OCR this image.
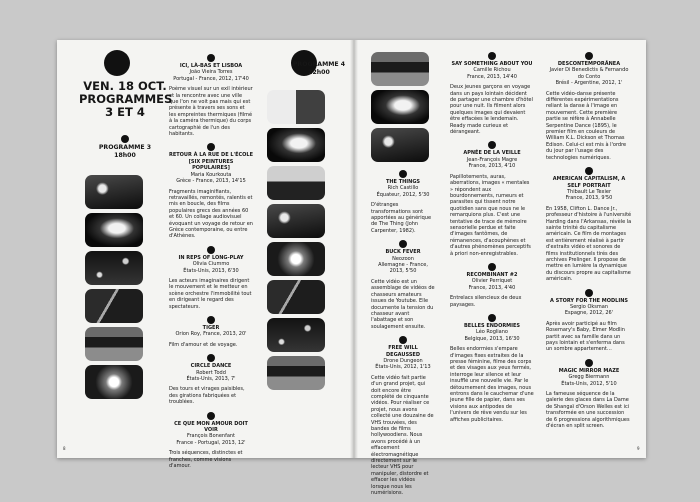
VEN. 18 OCT.
PROGRAMMES
3 ET 4
PROGRAMME 3
18h00
PROGRAMME 4
22h00
ICI, LÀ-BAS ET LISBOA
João Vieira Torres
Portugal - France, 2012, 17'40
Poème visuel sur un exil intérieur et la rencontre avec une ville que l'on ne voit pas mais qui est présente à travers ses sons et les empreintes thermiques (filmé à la caméra thermique) du corps cartographié de l'un des habitants.
RETOUR À LA RUE DE L'ÉCOLE [SIX PEINTURES POPULAIRES]
Maria Kourkouta
Grèce - France, 2013, 14'15
Fragments imaginifiants, retravaillés, remontés, ralentis et mis en boucle, des films populaires grecs des années 60 et 60. Un collage audiovisuel évoquant un voyage de retour en Grèce contemporaine, ou entre d'Athènes.
IN REPS OF LONG-PLAY
Olivia Ciummo
États-Unis, 2013, 6'30
Les acteurs imaginaires dirigent le mouvement et le metteur en scène orchestre l'immobilité tout en dirigeant le regard des spectateurs.
TIGER
Orion Roy, France, 2013, 20'
Film d'amour et de voyage.
CIRCLE DANCE
Robert Todd
États-Unis, 2013, 7'
Des tours et virages paisibles, des girations fabriquées et troublées.
CE QUE MON AMOUR DOIT VOIR
François Bonenfant
France - Portugal, 2013, 12'
Trois séquences, distinctes et franches, comme visions d'amour.
8
THE THINGS
Rich Castillo
Équateur, 2012, 5'30
D'étranges transformations sont apportées au générique de The Thing (John Carpenter, 1982).
BUCK FEVER
Neozoon
Allemagne - France, 2013, 5'50
Cette vidéo est un assemblage de vidéos de chasseurs amateurs issues de Youtube. Elle documente la tension du chasseur avant l'abattage et son soulagement ensuite.
FREE WILL DEGAUSSED
Drone Dungeon
États-Unis, 2012, 1'13
Cette vidéo fait partie d'un grand projet, qui doit encore être complété de cinquante vidéos. Pour réaliser ce projet, nous avons collecté une douzaine de VHS trouvées, des bandes de films hollywoodiens. Nous avons procédé à un effacement électromagnétique directement sur le lecteur VHS pour manipuler, distordre et effacer les vidéos lorsque nous les numérisions.
SAY SOMETHING ABOUT YOU
Camille Richou
France, 2013, 14'40
Deux jeunes garçons en voyage dans un pays lointain décident de partager une chambre d'hôtel pour une nuit. Ils filment alors quelques images qui devaient être effacées le lendemain. Ready made curieux et dérangeant.
APNÉE DE LA VEILLE
Jean-François Magre
France, 2013, 4'10
Papillotements, auras, aberrations, images « mentales » répondent aux bourdonnements, rumeurs et parasites qui tissent notre quotidien sans que nous ne le remarquions plus. C'est une tentative de trace de mémoire sensorielle perdue et faite d'images fantômes, de rémanences, d'acouphènes et d'autres phénomènes perceptifs à priori non-enregistrables.
RECOMBINANT #2
Olivier Perriquet
France, 2013, 4'40
Entrelacs silencieux de deux paysages.
BELLES ENDORMIES
Léo Rogliano
Belgique, 2013, 16'30
Belles endormies s'empare d'images fixes extraites de la presse féminine, filme des corps et des visages aux yeux fermés, interroge leur silence et leur insufflé une nouvelle vie. Par le détournement des images, nous entrons dans le cauchemar d'une jeune fille de papier, dans ses visions aux antipodes de l'univers de rêve vendu sur les affiches publicitaires.
DESCONTEMPORÂNEA
Javier Di Benedictis & Fernando do Conto
Brésil - Argentine, 2012, 1'
Cette vidéo-danse présente différentes expérimentations reliant la danse à l'image en mouvement. Cette première partie se réfère à Annabelle Serpentine Dance (1895), le premier film en couleurs de William K.L. Dickson et Thomas Edison. Celui-ci est mis à l'ordre du jour par l'usage des technologies numériques.
AMERICAN CAPITALISM, A SELF PORTRAIT
Thibault Le Texier
France, 2013, 9'50
En 1958, Clifton L. Dance Jr., professeur d'histoire à l'université Harding dans l'Arkansas, révèle la sainte trinité du capitalisme américain. Ce film de montages est entièrement réalisé à partir d'extraits vidéo et sonores de films institutionnels tirés des archives Prelinger. Il propose de mettre en lumière la dynamique du discours propre au capitalisme américain.
A STORY FOR THE MODLINS
Sergio Oksman
Espagne, 2012, 26'
Après avoir participé au film Rosemary's Baby, Elmer Modlin partit avec sa famille dans un pays lointain et s'enferma dans un sombre appartement…
MAGIC MIRROR MAZE
Gregg Biermann
États-Unis, 2012, 5'10
La fameuse séquence de la galerie des glaces dans La Dame de Shangaï d'Orson Welles est ici transformée en une succession de 6 progressions algorithmiques d'écran en split screen.
9
